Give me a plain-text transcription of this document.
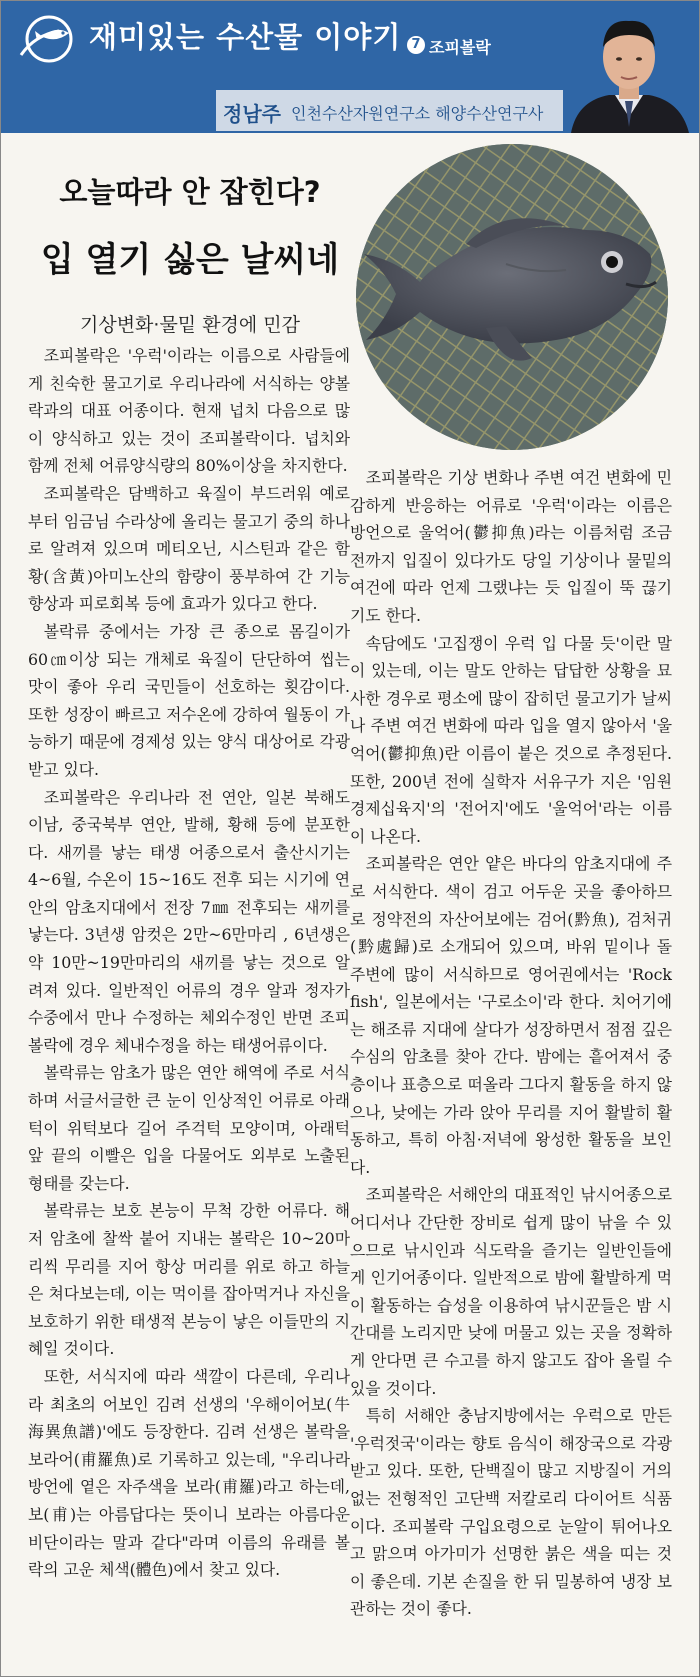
재미있는 수산물 이야기 7 조피볼락
정남주 인천수산자원연구소 해양수산연구사
오늘따라 안 잡힌다?
입 열기 싫은 날씨네
기상변화·물밑 환경에 민감

조피볼락은 '우럭'이라는 이름으로 사람들에게 친숙한 물고기로 우리나라에 서식하는 양볼락과의 대표 어종이다. 현재 넙치 다음으로 많이 양식하고 있는 것이 조피볼락이다. 넙치와 함께 전체 어류양식량의 80%이상을 차지한다.

조피볼락은 담백하고 육질이 부드러워 예로부터 임금님 수라상에 올리는 물고기 중의 하나로 알려져 있으며 메티오닌, 시스틴과 같은 함황(含黃)아미노산의 함량이 풍부하여 간 기능 향상과 피로회복 등에 효과가 있다고 한다.

볼락류 중에서는 가장 큰 종으로 몸길이가 60㎝이상 되는 개체로 육질이 단단하여 씹는 맛이 좋아 우리 국민들이 선호하는 횟감이다. 또한 성장이 빠르고 저수온에 강하여 월동이 가능하기 때문에 경제성 있는 양식 대상어로 각광 받고 있다.

조피볼락은 우리나라 전 연안, 일본 북해도 이남, 중국북부 연안, 발해, 황해 등에 분포한다. 새끼를 낳는 태생 어종으로서 출산시기는 4~6월, 수온이 15~16도 전후 되는 시기에 연안의 암초지대에서 전장 7㎜ 전후되는 새끼를 낳는다. 3년생 암컷은 2만~6만마리 , 6년생은 약 10만~19만마리의 새끼를 낳는 것으로 알려져 있다. 일반적인 어류의 경우 알과 정자가 수중에서 만나 수정하는 체외수정인 반면 조피볼락에 경우 체내수정을 하는 태생어류이다.

볼락류는 암초가 많은 연안 해역에 주로 서식하며 서글서글한 큰 눈이 인상적인 어류로 아래턱이 위턱보다 길어 주걱턱 모양이며, 아래턱 앞 끝의 이빨은 입을 다물어도 외부로 노출된 형태를 갖는다.

볼락류는 보호 본능이 무척 강한 어류다. 해저 암초에 찰싹 붙어 지내는 볼락은 10~20마리씩 무리를 지어 항상 머리를 위로 하고 하늘은 쳐다보는데, 이는 먹이를 잡아먹거나 자신을 보호하기 위한 태생적 본능이 낳은 이들만의 지혜일 것이다.

또한, 서식지에 따라 색깔이 다른데, 우리나라 최초의 어보인 김려 선생의 '우해이어보(牛海異魚譜)'에도 등장한다. 김려 선생은 볼락을 보라어(甫羅魚)로 기록하고 있는데, "우리나라 방언에 옅은 자주색을 보라(甫羅)라고 하는데, 보(甫)는 아름답다는 뜻이니 보라는 아름다운 비단이라는 말과 같다"라며 이름의 유래를 볼락의 고운 체색(體色)에서 찾고 있다.

조피볼락은 기상 변화나 주변 여건 변화에 민감하게 반응하는 어류로 '우럭'이라는 이름은 방언으로 울억어(鬱抑魚)라는 이름처럼 조금 전까지 입질이 있다가도 당일 기상이나 물밑의 여건에 따라 언제 그랬냐는 듯 입질이 뚝 끊기기도 한다.

속담에도 '고집쟁이 우럭 입 다물 듯'이란 말이 있는데, 이는 말도 안하는 답답한 상황을 묘사한 경우로 평소에 많이 잡히던 물고기가 날씨나 주변 여건 변화에 따라 입을 열지 않아서 '울억어(鬱抑魚)란 이름이 붙은 것으로 추정된다. 또한, 200년 전에 실학자 서유구가 지은 '임원경제십육지'의 '전어지'에도 '울억어'라는 이름이 나온다.

조피볼락은 연안 얕은 바다의 암초지대에 주로 서식한다. 색이 검고 어두운 곳을 좋아하므로 정약전의 자산어보에는 검어(黔魚), 검처귀(黔處歸)로 소개되어 있으며, 바위 밑이나 돌 주변에 많이 서식하므로 영어권에서는 'Rock fish', 일본에서는 '구로소이'라 한다. 치어기에는 해조류 지대에 살다가 성장하면서 점점 깊은 수심의 암초를 찾아 간다. 밤에는 흩어져서 중층이나 표층으로 떠올라 그다지 활동을 하지 않으나, 낮에는 가라 앉아 무리를 지어 활발히 활동하고, 특히 아침·저녁에 왕성한 활동을 보인다.

조피볼락은 서해안의 대표적인 낚시어종으로 어디서나 간단한 장비로 쉽게 많이 낚을 수 있으므로 낚시인과 식도락을 즐기는 일반인들에게 인기어종이다. 일반적으로 밤에 활발하게 먹이 활동하는 습성을 이용하여 낚시꾼들은 밤 시간대를 노리지만 낮에 머물고 있는 곳을 정확하게 안다면 큰 수고를 하지 않고도 잡아 올릴 수 있을 것이다.

특히 서해안 충남지방에서는 우럭으로 만든 '우럭젓국'이라는 향토 음식이 해장국으로 각광 받고 있다. 또한, 단백질이 많고 지방질이 거의 없는 전형적인 고단백 저칼로리 다이어트 식품이다. 조피볼락 구입요령으로 눈알이 튀어나오고 맑으며 아가미가 선명한 붉은 색을 띠는 것이 좋은데. 기본 손질을 한 뒤 밀봉하여 냉장 보관하는 것이 좋다.
